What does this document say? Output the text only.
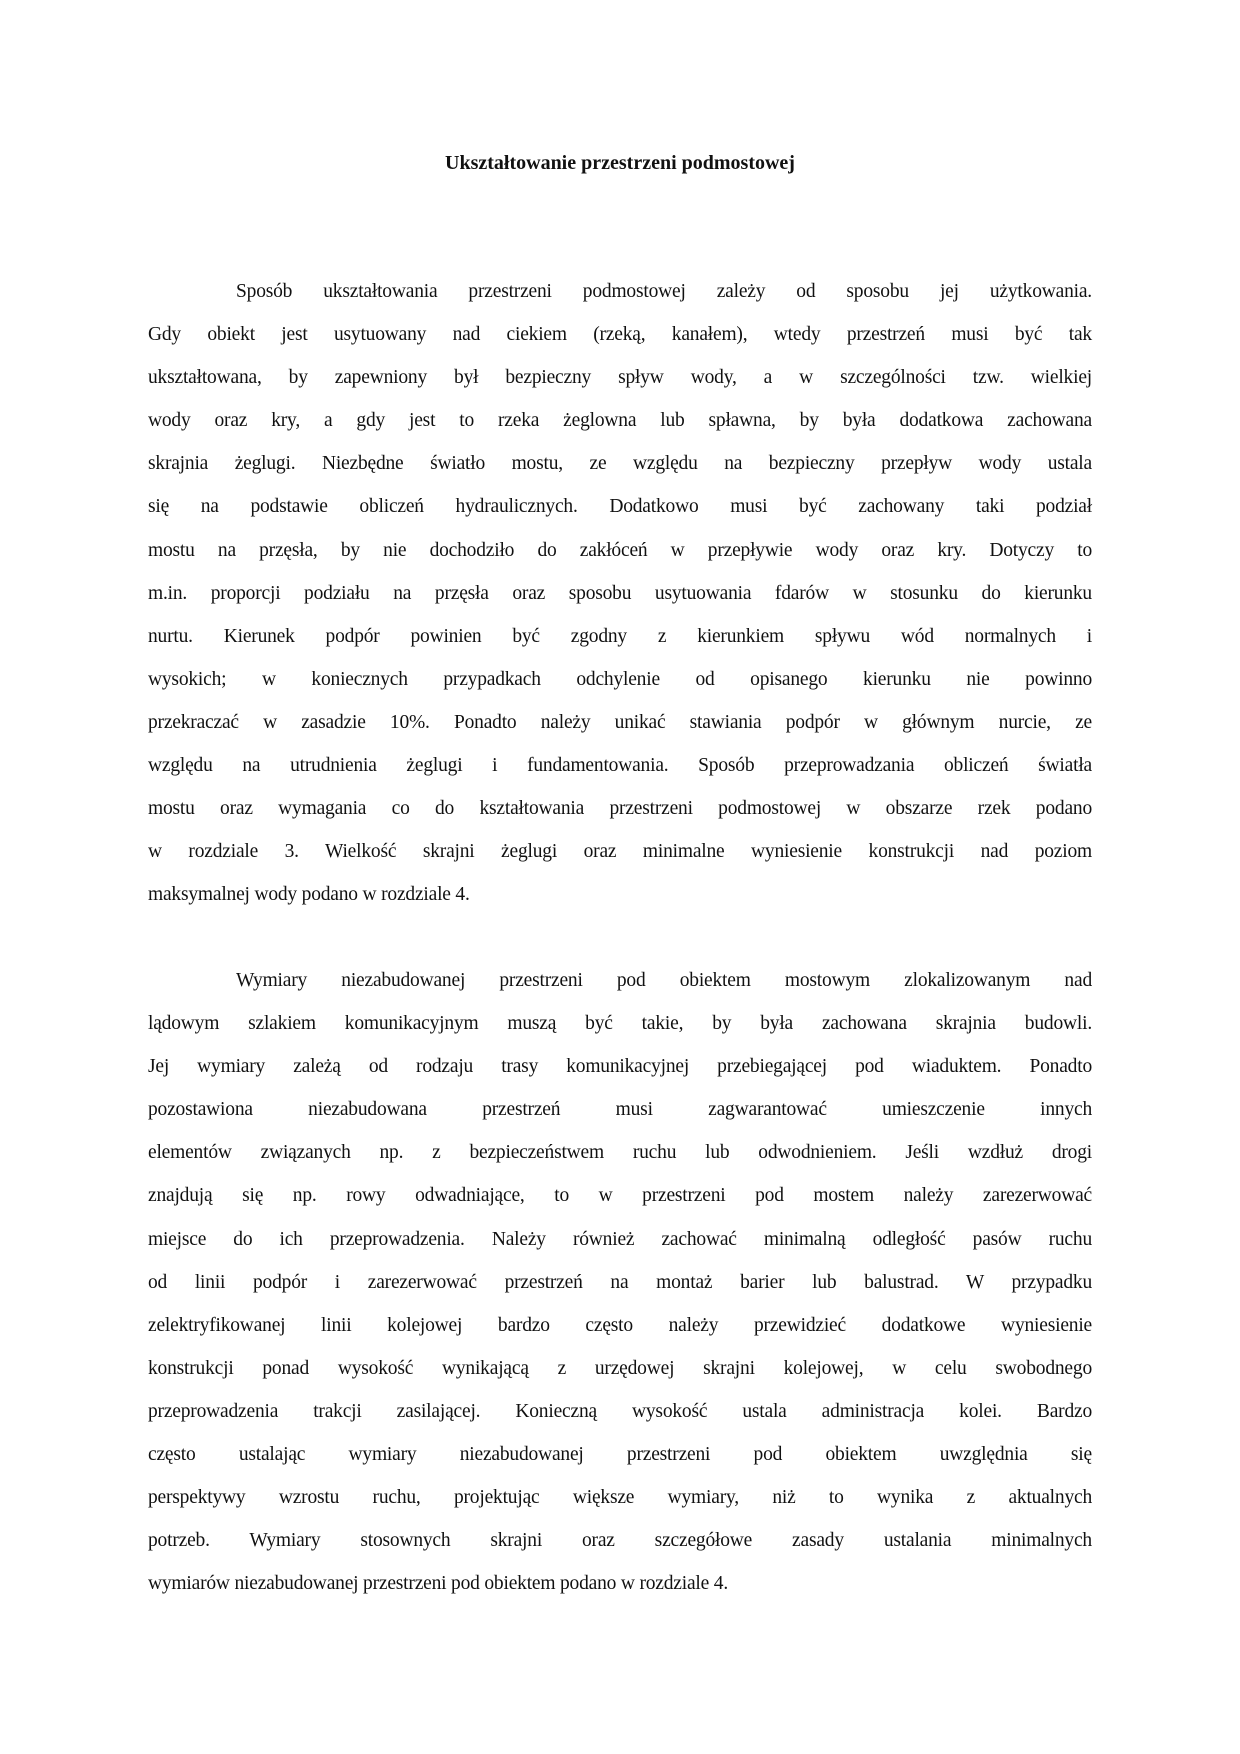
Ukształtowanie przestrzeni podmostowej
Sposób ukształtowania przestrzeni podmostowej zależy od sposobu jej użytkowania.
Gdy obiekt jest usytuowany nad ciekiem (rzeką, kanałem), wtedy przestrzeń musi być tak
ukształtowana, by zapewniony był bezpieczny spływ wody, a w szczególności tzw. wielkiej
wody oraz kry, a gdy jest to rzeka żeglowna lub spławna, by była dodatkowa zachowana
skrajnia żeglugi. Niezbędne światło mostu, ze względu na bezpieczny przepływ wody ustala
się na podstawie obliczeń hydraulicznych. Dodatkowo musi być zachowany taki podział
mostu na przęsła, by nie dochodziło do zakłóceń w przepływie wody oraz kry. Dotyczy to
m.in. proporcji podziału na przęsła oraz sposobu usytuowania fdarów w stosunku do kierunku
nurtu. Kierunek podpór powinien być zgodny z kierunkiem spływu wód normalnych i
wysokich; w koniecznych przypadkach odchylenie od opisanego kierunku nie powinno
przekraczać w zasadzie 10%. Ponadto należy unikać stawiania podpór w głównym nurcie, ze
względu na utrudnienia żeglugi i fundamentowania. Sposób przeprowadzania obliczeń światła
mostu oraz wymagania co do kształtowania przestrzeni podmostowej w obszarze rzek podano
w rozdziale 3. Wielkość skrajni żeglugi oraz minimalne wyniesienie konstrukcji nad poziom
maksymalnej wody podano w rozdziale 4.
Wymiary niezabudowanej przestrzeni pod obiektem mostowym zlokalizowanym nad
lądowym szlakiem komunikacyjnym muszą być takie, by była zachowana skrajnia budowli.
Jej wymiary zależą od rodzaju trasy komunikacyjnej przebiegającej pod wiaduktem. Ponadto
pozostawiona niezabudowana przestrzeń musi zagwarantować umieszczenie innych
elementów związanych np. z bezpieczeństwem ruchu lub odwodnieniem. Jeśli wzdłuż drogi
znajdują się np. rowy odwadniające, to w przestrzeni pod mostem należy zarezerwować
miejsce do ich przeprowadzenia. Należy również zachować minimalną odległość pasów ruchu
od linii podpór i zarezerwować przestrzeń na montaż barier lub balustrad. W przypadku
zelektryfikowanej linii kolejowej bardzo często należy przewidzieć dodatkowe wyniesienie
konstrukcji ponad wysokość wynikającą z urzędowej skrajni kolejowej, w celu swobodnego
przeprowadzenia trakcji zasilającej. Konieczną wysokość ustala administracja kolei. Bardzo
często ustalając wymiary niezabudowanej przestrzeni pod obiektem uwzględnia się
perspektywy wzrostu ruchu, projektując większe wymiary, niż to wynika z aktualnych
potrzeb. Wymiary stosownych skrajni oraz szczegółowe zasady ustalania minimalnych
wymiarów niezabudowanej przestrzeni pod obiektem podano w rozdziale 4.
